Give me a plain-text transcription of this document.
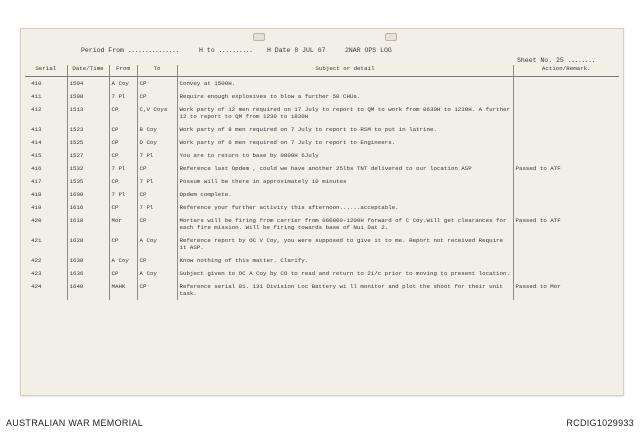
Period From ...............	H to .......... H Date 8 JUL 67	2NAR OPS LOG
Sheet No. 25 ........
Serial	Date/Time	From	To	Subject or detail	Action/Remark.
410	1504	A Coy	CP	Convey at 1500H.	
411	1508	7 Pl	CP	Require enough explosives to blow a further 50 CHUs.	
412	1513	CP	C,V Coys	Work party of 12 men required on 17 July to report to QM to work from 0630H to 1230H. A further 12 to report to QM from 1230 to 1830H	
413	1523	CP	B Coy	Work party of 8 men required on 7 July to report to RSM to put in latrine.	
414	1525	CP	D Coy	Work party of 6 men required on 7 July to report to Engineers.	
415	1527	CP	7 Pl	You are to return to base by 0800H 6July	
416	1532	7 Pl	CP	Reference last Opdem , could we have another 25lbs TNT delivered to our location ASP	Passed to ATF
417	1535	CP	7 Pl	Possum will be there in approximately 10 minutes	
418	1600	7 Pl	CP	Opdem complete.	
419	1616	CP	7 Pl	Reference your further activity this afternoon......acceptable.	
420	1618	Mor	CP	Mortars will be firing from carrier from 060800-1200H forward of C Coy.Will get clearances for each fire mission. Will be firing towards base of Nui Dat 2.	Passed to ATF
421	1628	CP	A Coy	Reference report by OC V Coy, you were supposed to give it to me. Report not received Require it ASP.	
422	1630	A Coy	CP	Know nothing of this matter. Clarify.	
423	1636	CP	A Coy	Subject given to OC A Coy by CO to read and return to 2i/c prior to moving to present location.	
424	1640	MAHK	CP	Reference serial 81. 131 Division Loc Battery wi ll monitor and plot the shoot for their unit task.	Passed to Mor
AUSTRALIAN WAR MEMORIAL	RCDIG1029933
